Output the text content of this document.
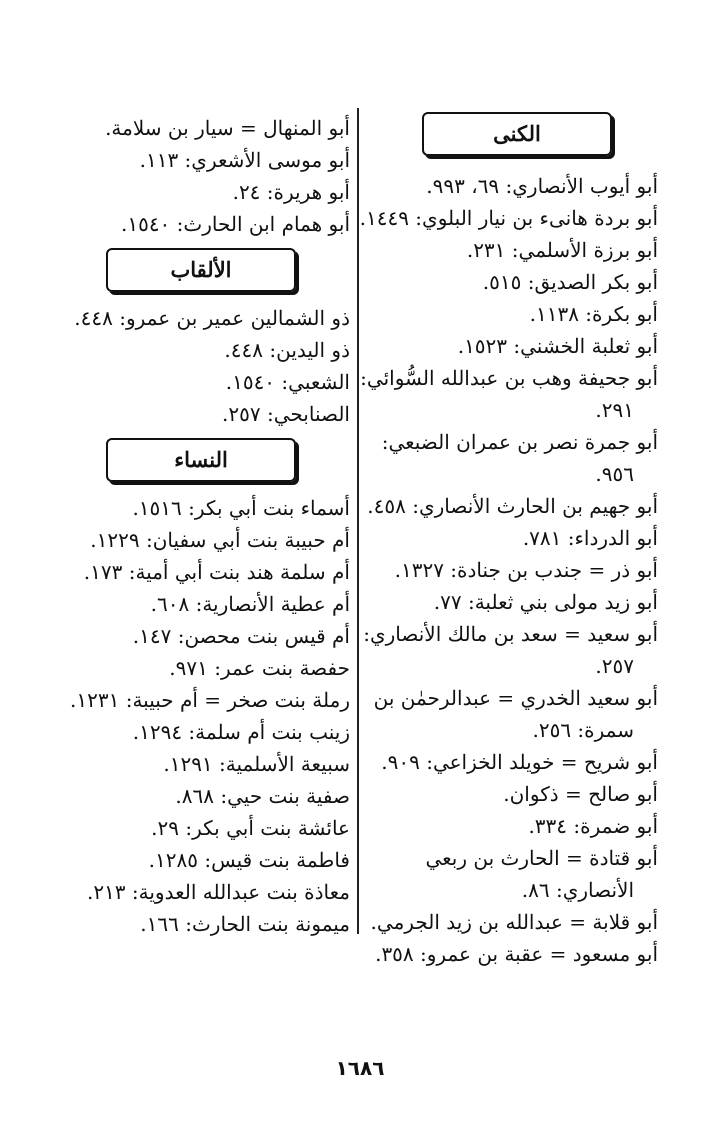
الكنى
أبو أيوب الأنصاري: ٦٩، ٩٩٣.
أبو بردة هانىء بن نيار البلوي: ١٤٤٩.
أبو برزة الأسلمي: ٢٣١.
أبو بكر الصديق: ٥١٥.
أبو بكرة: ١١٣٨.
أبو ثعلبة الخشني: ١٥٢٣.
أبو جحيفة وهب بن عبدالله السُّوائي:
٢٩١.
أبو جمرة نصر بن عمران الضبعي:
٩٥٦.
أبو جهيم بن الحارث الأنصاري: ٤٥٨.
أبو الدرداء: ٧٨١.
أبو ذر = جندب بن جنادة: ١٣٢٧.
أبو زيد مولى بني ثعلبة: ٧٧.
أبو سعيد = سعد بن مالك الأنصاري:
٢٥٧.
أبو سعيد الخدري = عبدالرحمٰن بن
سمرة: ٢٥٦.
أبو شريح = خويلد الخزاعي: ٩٠٩.
أبو صالح = ذكوان.
أبو ضمرة: ٣٣٤.
أبو قتادة = الحارث بن ربعي
الأنصاري: ٨٦.
أبو قلابة = عبدالله بن زيد الجرمي.
أبو مسعود = عقبة بن عمرو: ٣٥٨.
أبو المنهال = سيار بن سلامة.
أبو موسى الأشعري: ١١٣.
أبو هريرة: ٢٤.
أبو همام ابن الحارث: ١٥٤٠.
الألقاب
ذو الشمالين عمير بن عمرو: ٤٤٨.
ذو اليدين: ٤٤٨.
الشعبي: ١٥٤٠.
الصنابحي: ٢٥٧.
النساء
أسماء بنت أبي بكر: ١٥١٦.
أم حبيبة بنت أبي سفيان: ١٢٢٩.
أم سلمة هند بنت أبي أمية: ١٧٣.
أم عطية الأنصارية: ٦٠٨.
أم قيس بنت محصن: ١٤٧.
حفصة بنت عمر: ٩٧١.
رملة بنت صخر = أم حبيبة: ١٢٣١.
زينب بنت أم سلمة: ١٢٩٤.
سبيعة الأسلمية: ١٢٩١.
صفية بنت حيي: ٨٦٨.
عائشة بنت أبي بكر: ٢٩.
فاطمة بنت قيس: ١٢٨٥.
معاذة بنت عبدالله العدوية: ٢١٣.
ميمونة بنت الحارث: ١٦٦.
١٦٨٦
